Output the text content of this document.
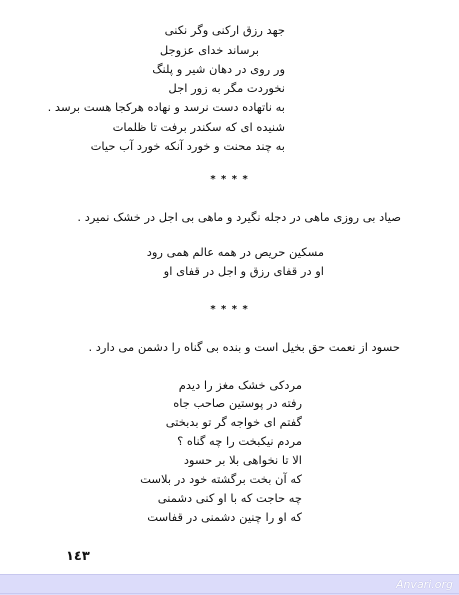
جهد رزق ارکنی وگر نکنی
برساند خدای عزوجل
ور روی در دهان شیر و پلنگ
نخوردت مگر به زور اجل
به ناتهاده دست نرسد و نهاده هرکجا هست برسد .
شنیده ای که سکندر برفت تا ظلمات
به چند محنت و خورد آنکه خورد آب حیات
* * * *
صیاد بی روزی ماهی در دجله نگیرد و ماهی بی اجل در خشک نمیرد .
مسکین حریص در همه عالم همی رود
او در قفای رزق و اجل در قفای او
* * * *
حسود از نعمت حق بخیل است و بنده بی گناه را دشمن می دارد .
مردکی خشک مغز را دیدم
رفته در پوستین صاحب جاه
گفتم ای خواجه گر تو بدبختی
مردم نیکبخت را چه گناه ؟
الا تا نخواهی بلا بر حسود
که آن بخت برگشته خود در بلاست
چه حاجت که با او کنی دشمنی
که او را چنین دشمنی در قفاست
١٤٣
Anvari.org
